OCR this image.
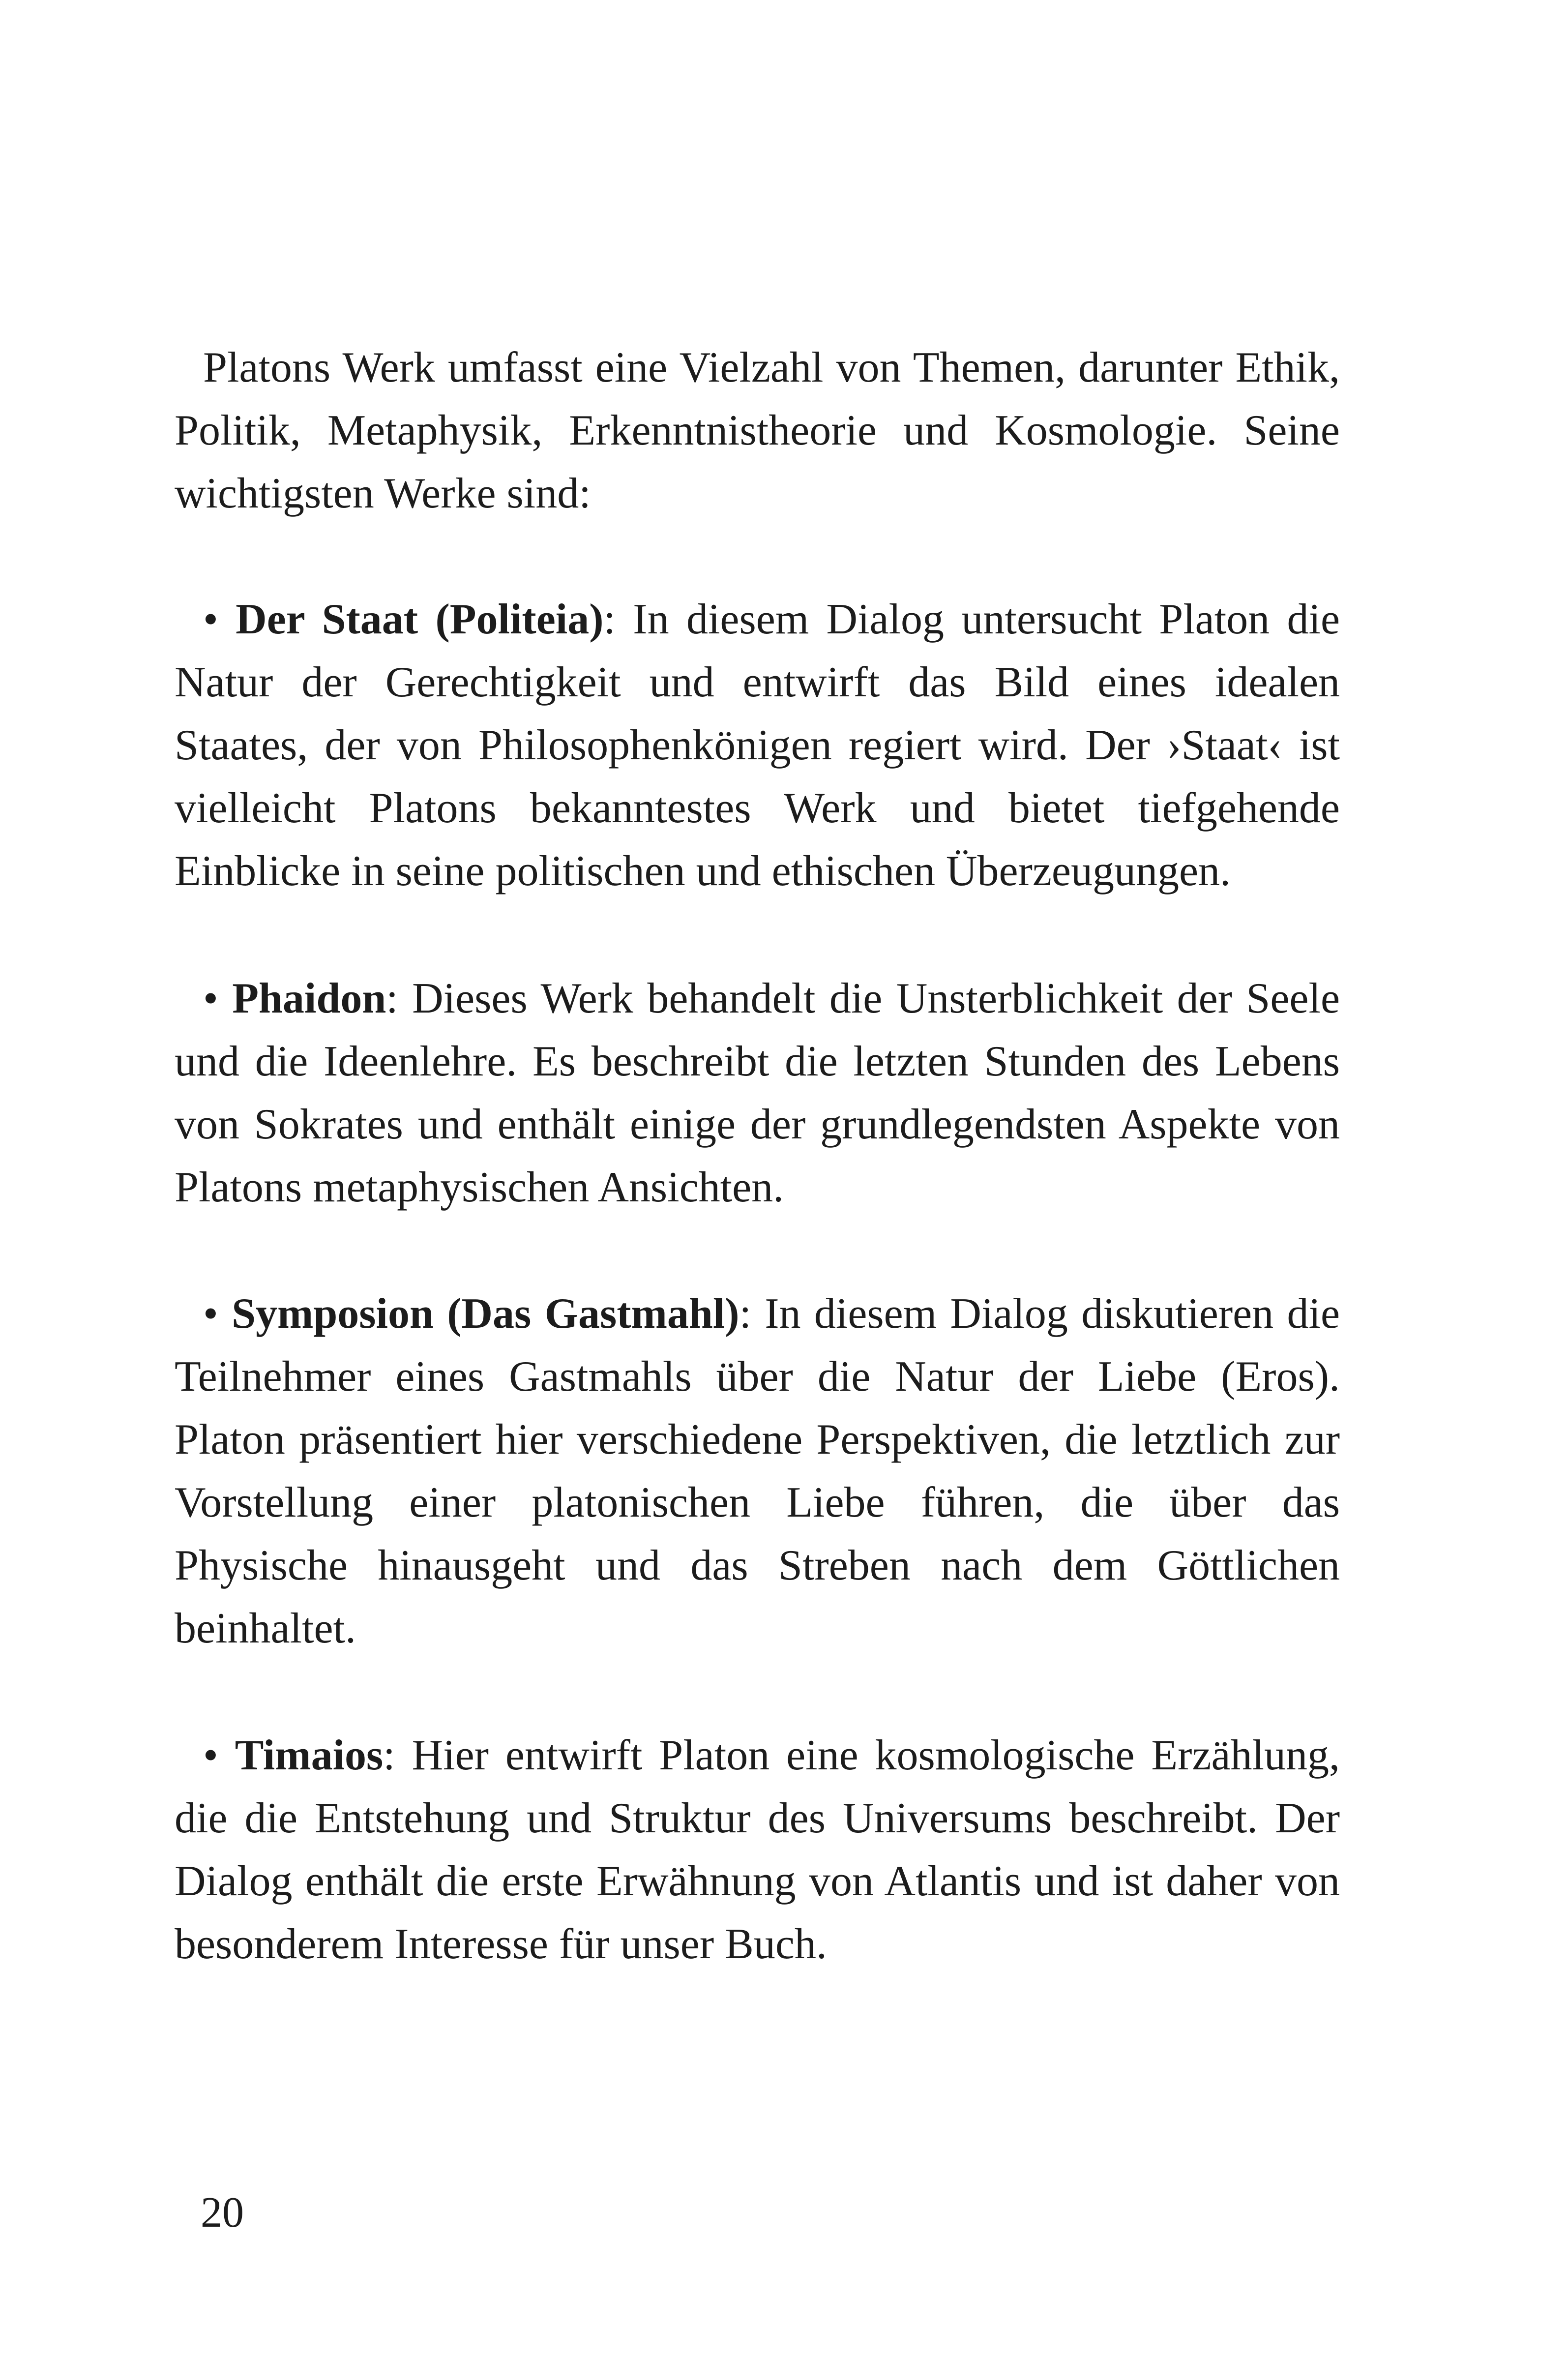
Platons Werk umfasst eine Vielzahl von Themen, darunter Ethik, Politik, Metaphysik, Erkenntnistheorie und Kosmologie. Seine wichtigsten Werke sind:

• Der Staat (Politeia): In diesem Dialog untersucht Platon die Natur der Gerechtigkeit und entwirft das Bild eines idealen Staates, der von Philosophenkönigen regiert wird. Der ›Staat‹ ist vielleicht Platons bekanntestes Werk und bietet tiefgehende Einblicke in seine politischen und ethischen Überzeugungen.

• Phaidon: Dieses Werk behandelt die Unsterblichkeit der Seele und die Ideenlehre. Es beschreibt die letzten Stunden des Lebens von Sokrates und enthält einige der grundlegendsten Aspekte von Platons metaphysischen Ansichten.

• Symposion (Das Gastmahl): In diesem Dialog diskutieren die Teilnehmer eines Gastmahls über die Natur der Liebe (Eros). Platon präsentiert hier verschiedene Perspektiven, die letztlich zur Vorstellung einer platonischen Liebe führen, die über das Physische hinausgeht und das Streben nach dem Göttlichen beinhaltet.

• Timaios: Hier entwirft Platon eine kosmologische Erzählung, die die Entstehung und Struktur des Universums beschreibt. Der Dialog enthält die erste Erwähnung von Atlantis und ist daher von besonderem Interesse für unser Buch.

20
